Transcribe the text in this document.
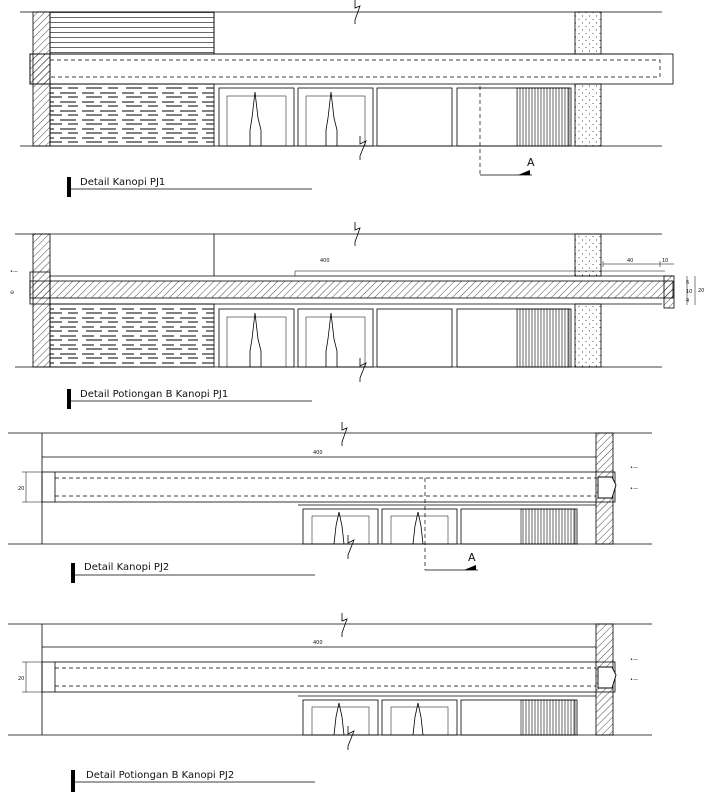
A
Detail Kanopi PJ1
400	40	10
•—
⊖
6
10
4
20
Detail Potiongan B Kanopi PJ1
400
20
•—
•—
A
Detail Kanopi PJ2
400
20
•—
•—
Detail Potiongan B Kanopi PJ2
